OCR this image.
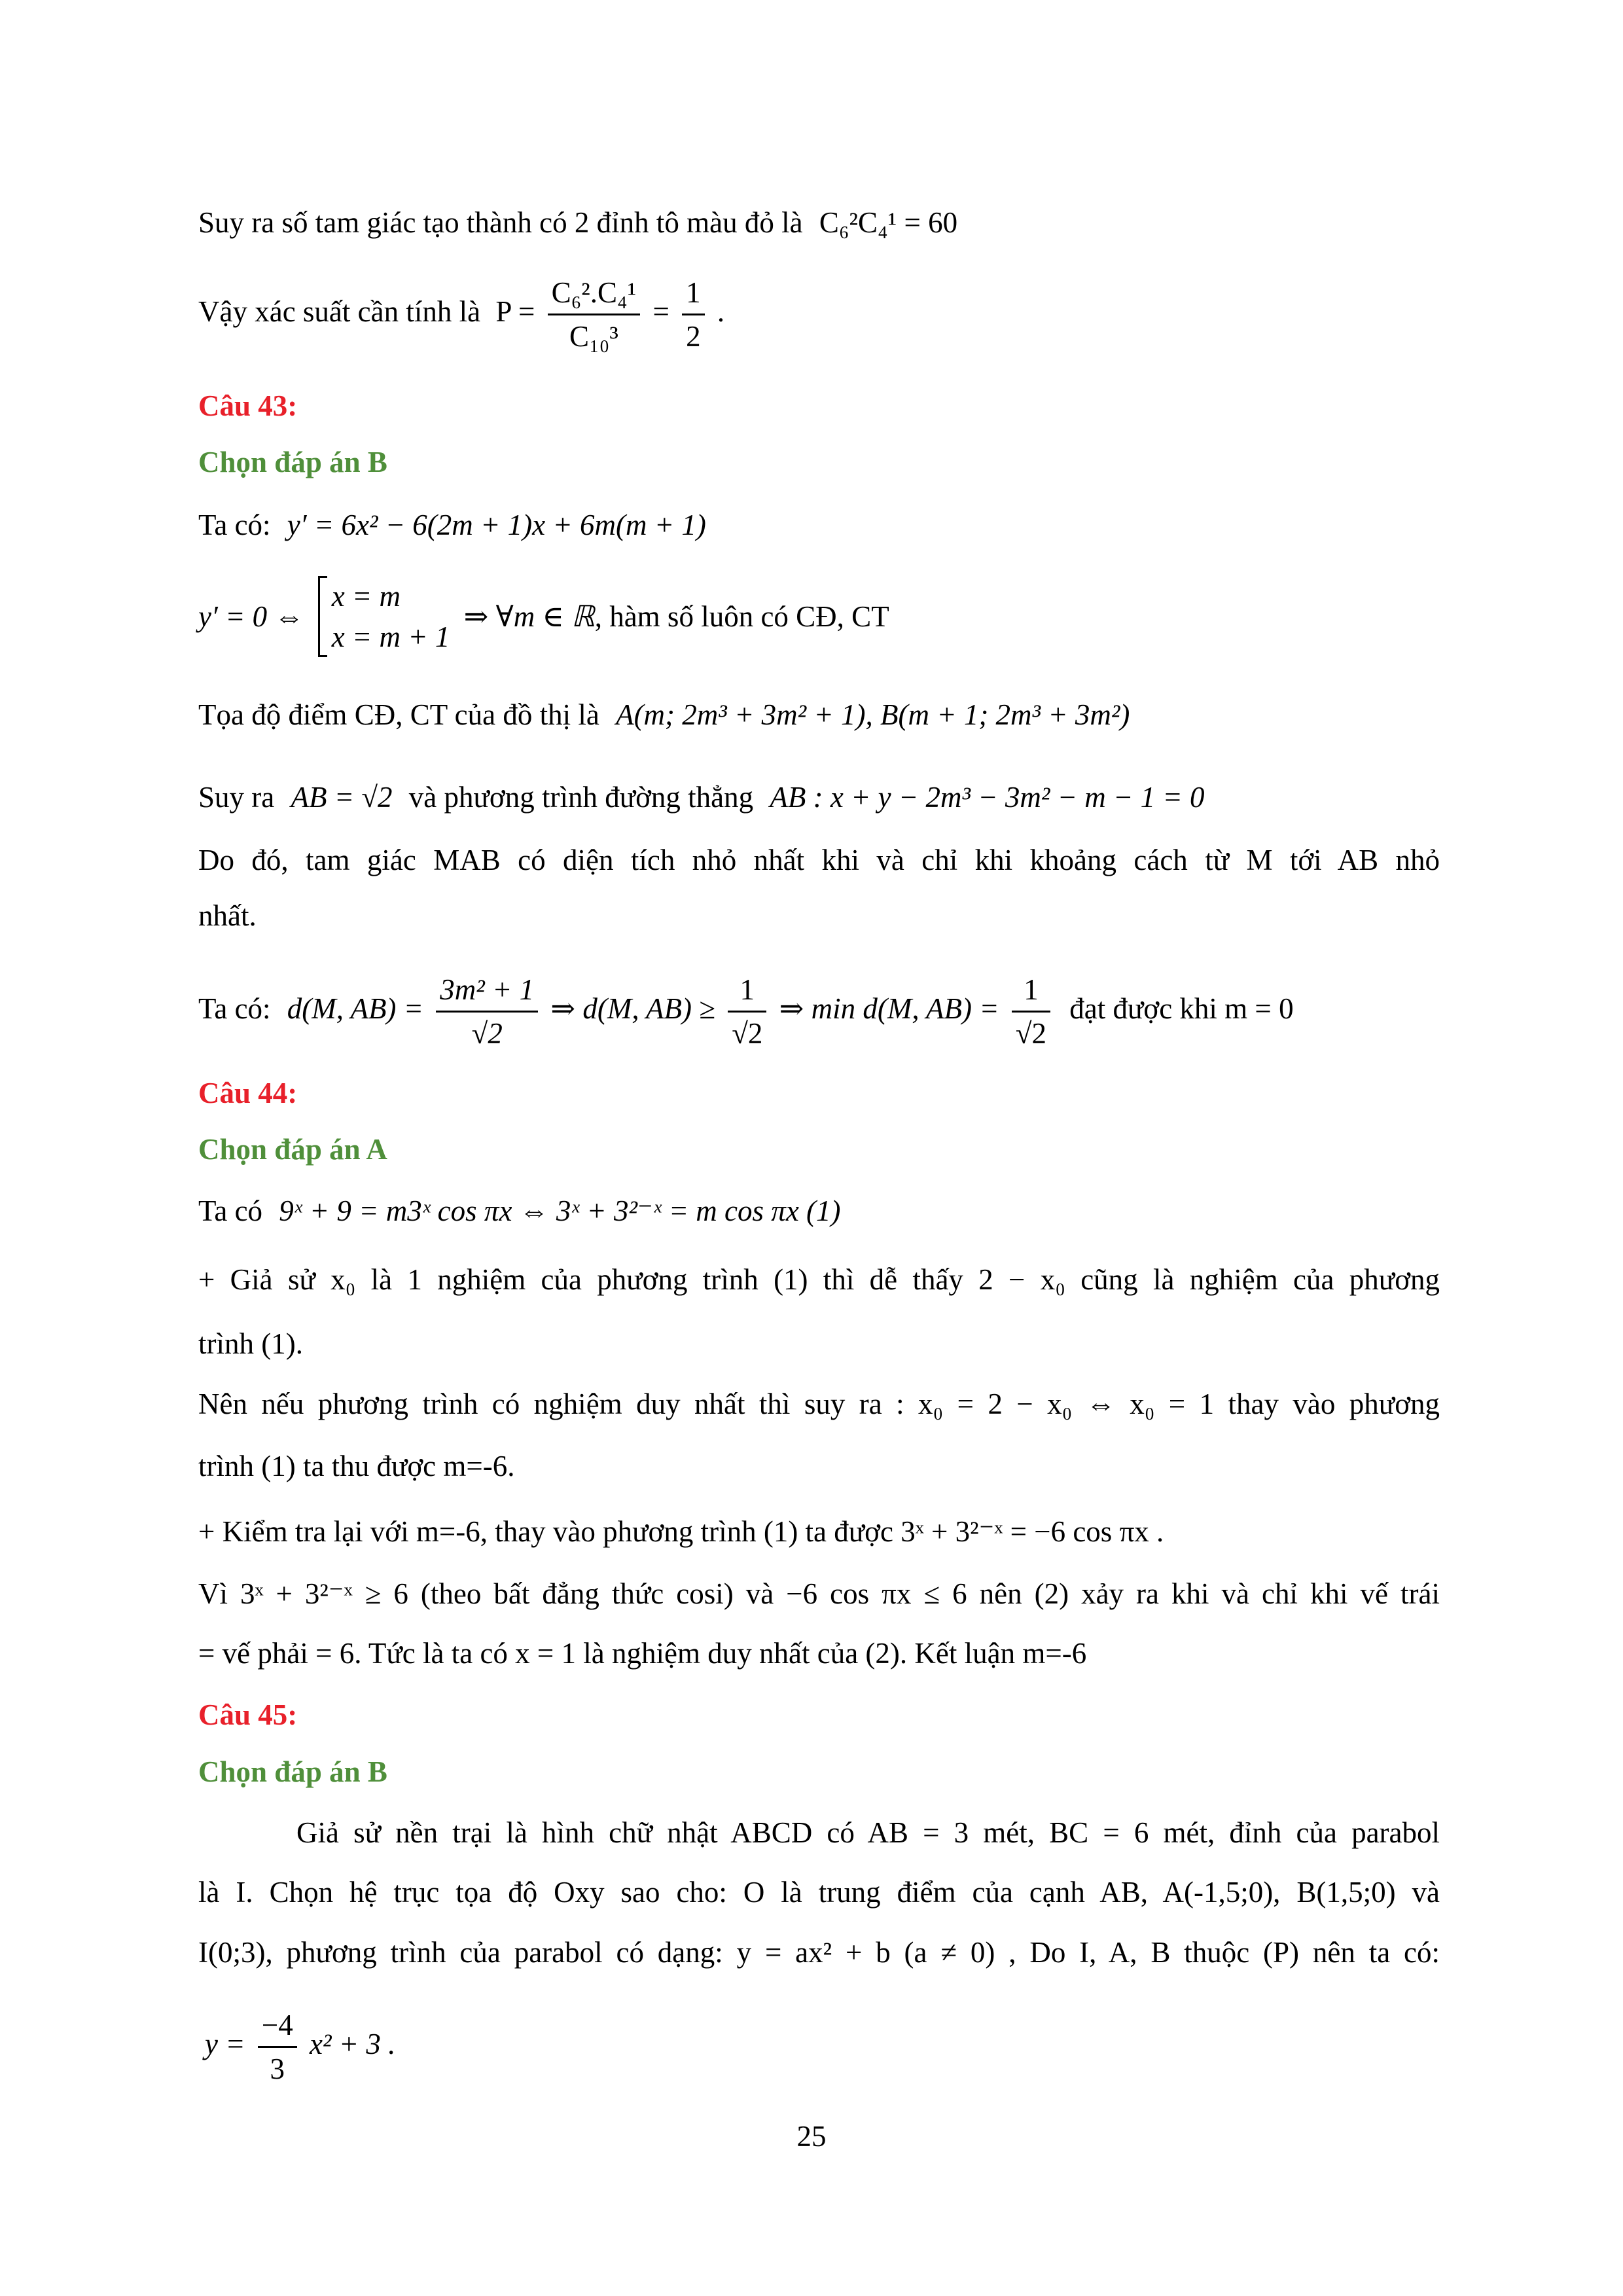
Suy ra số tam giác tạo thành có 2 đỉnh tô màu đỏ là C₆²C₄¹ = 60
Vậy xác suất cần tính là $P = \frac{\text{C₆².C₄¹}}{\text{C₁₀³}} = \frac{1}{2}$ .
Câu 43:
Chọn đáp án B
Ta có: y′ = 6x² − 6(2m + 1)x + 6m(m + 1)
y′ = 0 ⇔
x = m
x = m + 1
⇒ ∀m ∈ ℝ, hàm số luôn có CĐ, CT
Tọa độ điểm CĐ, CT của đồ thị là A(m; 2m³ + 3m² + 1), B(m + 1; 2m³ + 3m²)
Suy ra AB = √2 và phương trình đường thẳng AB : x + y − 2m³ − 3m² − m − 1 = 0
Do đó, tam giác MAB có diện tích nhỏ nhất khi và chỉ khi khoảng cách từ M tới AB nhỏ
nhất.
Ta có: d(M, $AB) = \frac{\text{3m² + 1}}{√2}$ ⇒ d(M, $AB) \ge \frac{1}{√2}$ ⇒ min d(M, $AB) = \frac{1}{√2}$ đạt được khi m = 0
Câu 44:
Chọn đáp án A
Ta có 9ˣ + 9 = m3ˣ cos πx ⇔ 3ˣ + 3²⁻ˣ = m cos πx (1)
+ Giả sử x₀ là 1 nghiệm của phương trình (1) thì dễ thấy 2 − x₀ cũng là nghiệm của phương
trình (1).
Nên nếu phương trình có nghiệm duy nhất thì suy ra : x₀ = 2 − x₀ ⇔ x₀ = 1 thay vào phương
trình (1) ta thu được m=-6.
+ Kiểm tra lại với m=-6, thay vào phương trình (1) ta được 3ˣ + 3²⁻ˣ = −6 cos πx .
Vì 3ˣ + 3²⁻ˣ ≥ 6 (theo bất đẳng thức cosi) và −6 cos πx ≤ 6 nên (2) xảy ra khi và chỉ khi vế trái
= vế phải = 6. Tức là ta có x = 1 là nghiệm duy nhất của (2). Kết luận m=-6
Câu 45:
Chọn đáp án B
Giả sử nền trại là hình chữ nhật ABCD có AB = 3 mét, BC = 6 mét, đỉnh của parabol
là I. Chọn hệ trục tọa độ Oxy sao cho: O là trung điểm của cạnh AB, A(-1,5;0), B(1,5;0) và
I(0;3), phương trình của parabol có dạng: y = ax² + b (a ≠ 0) , Do I, A, B thuộc (P) nên ta có:
$y = \frac{-4}{3} x^2 + 3$ .
25
